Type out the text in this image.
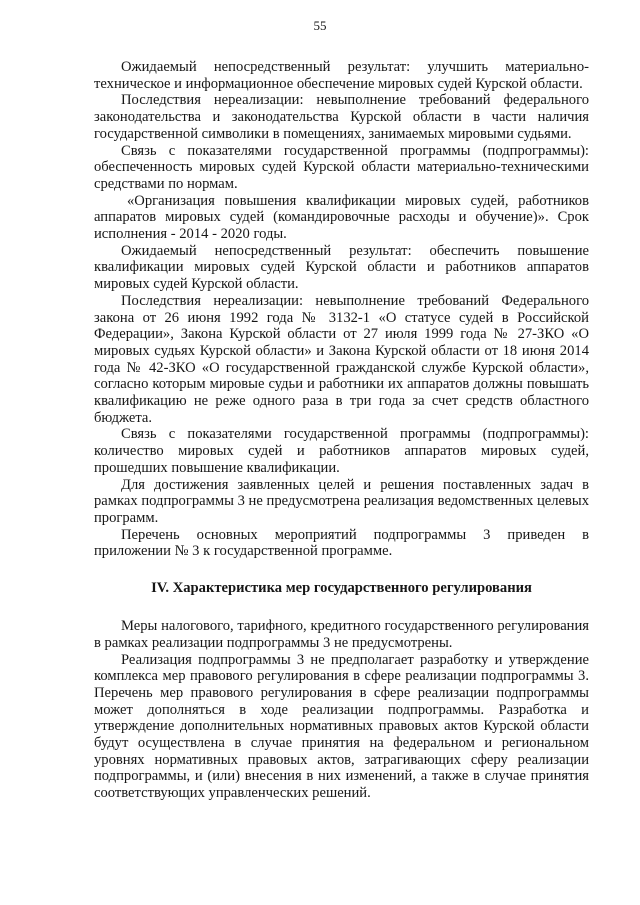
55

Ожидаемый непосредственный результат: улучшить материально-техническое и информационное обеспечение мировых судей Курской области.

Последствия нереализации: невыполнение требований федерального законодательства и законодательства Курской области в части наличия государственной символики в помещениях, занимаемых мировыми судьями.

Связь с показателями государственной программы (подпрограммы): обеспеченность мировых судей Курской области материально-техническими средствами по нормам.

«Организация повышения квалификации мировых судей, работников аппаратов мировых судей (командировочные расходы и обучение)». Срок исполнения - 2014 - 2020 годы.

Ожидаемый непосредственный результат: обеспечить повышение квалификации мировых судей Курской области и работников аппаратов мировых судей Курской области.

Последствия нереализации: невыполнение требований Федерального закона от 26 июня 1992 года № 3132-1 «О статусе судей в Российской Федерации», Закона Курской области от 27 июля 1999 года № 27-ЗКО «О мировых судьях Курской области» и Закона Курской области от 18 июня 2014 года № 42-ЗКО «О государственной гражданской службе Курской области», согласно которым мировые судьи и работники их аппаратов должны повышать квалификацию не реже одного раза в три года за счет средств областного бюджета.

Связь с показателями государственной программы (подпрограммы): количество мировых судей и работников аппаратов мировых судей, прошедших повышение квалификации.

Для достижения заявленных целей и решения поставленных задач в рамках подпрограммы 3 не предусмотрена реализация ведомственных целевых программ.

Перечень основных мероприятий подпрограммы 3 приведен в приложении № 3 к государственной программе.

IV. Характеристика мер государственного регулирования

Меры налогового, тарифного, кредитного государственного регулирования в рамках реализации подпрограммы 3 не предусмотрены.

Реализация подпрограммы 3 не предполагает разработку и утверждение комплекса мер правового регулирования в сфере реализации подпрограммы 3. Перечень мер правового регулирования в сфере реализации подпрограммы может дополняться в ходе реализации подпрограммы. Разработка и утверждение дополнительных нормативных правовых актов Курской области будут осуществлена в случае принятия на федеральном и региональном уровнях нормативных правовых актов, затрагивающих сферу реализации подпрограммы, и (или) внесения в них изменений, а также в случае принятия соответствующих управленческих решений.
